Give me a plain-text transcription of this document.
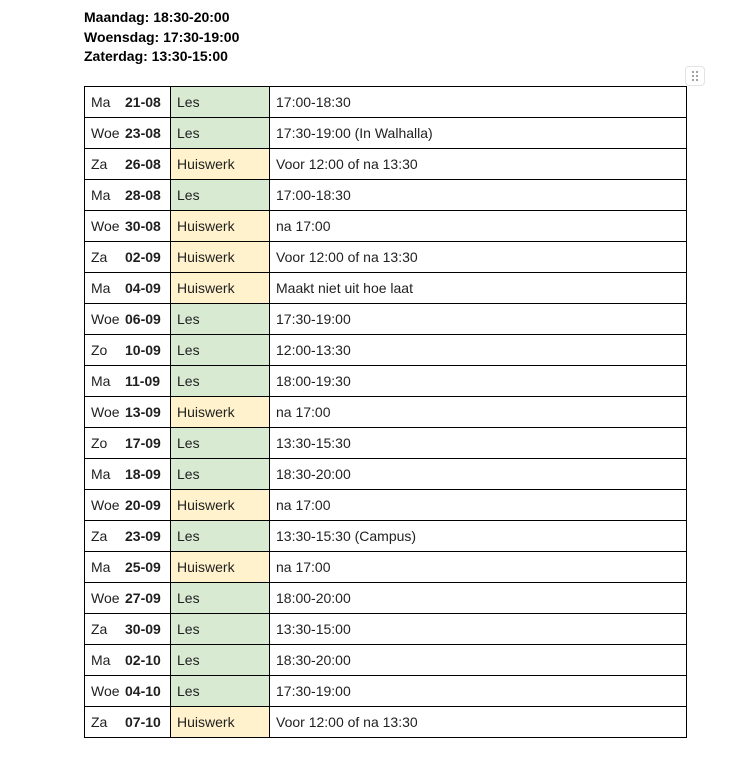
Maandag: 18:30-20:00
Woensdag: 17:30-19:00
Zaterdag: 13:30-15:00
Ma 21-08	Les	17:00-18:30
Woe 23-08	Les	17:30-19:00 (In Walhalla)
Za 26-08	Huiswerk	Voor 12:00 of na 13:30
Ma 28-08	Les	17:00-18:30
Woe 30-08	Huiswerk	na 17:00
Za 02-09	Huiswerk	Voor 12:00 of na 13:30
Ma 04-09	Huiswerk	Maakt niet uit hoe laat
Woe 06-09	Les	17:30-19:00
Zo 10-09	Les	12:00-13:30
Ma 11-09	Les	18:00-19:30
Woe 13-09	Huiswerk	na 17:00
Zo 17-09	Les	13:30-15:30
Ma 18-09	Les	18:30-20:00
Woe 20-09	Huiswerk	na 17:00
Za 23-09	Les	13:30-15:30 (Campus)
Ma 25-09	Huiswerk	na 17:00
Woe 27-09	Les	18:00-20:00
Za 30-09	Les	13:30-15:00
Ma 02-10	Les	18:30-20:00
Woe 04-10	Les	17:30-19:00
Za 07-10	Huiswerk	Voor 12:00 of na 13:30
